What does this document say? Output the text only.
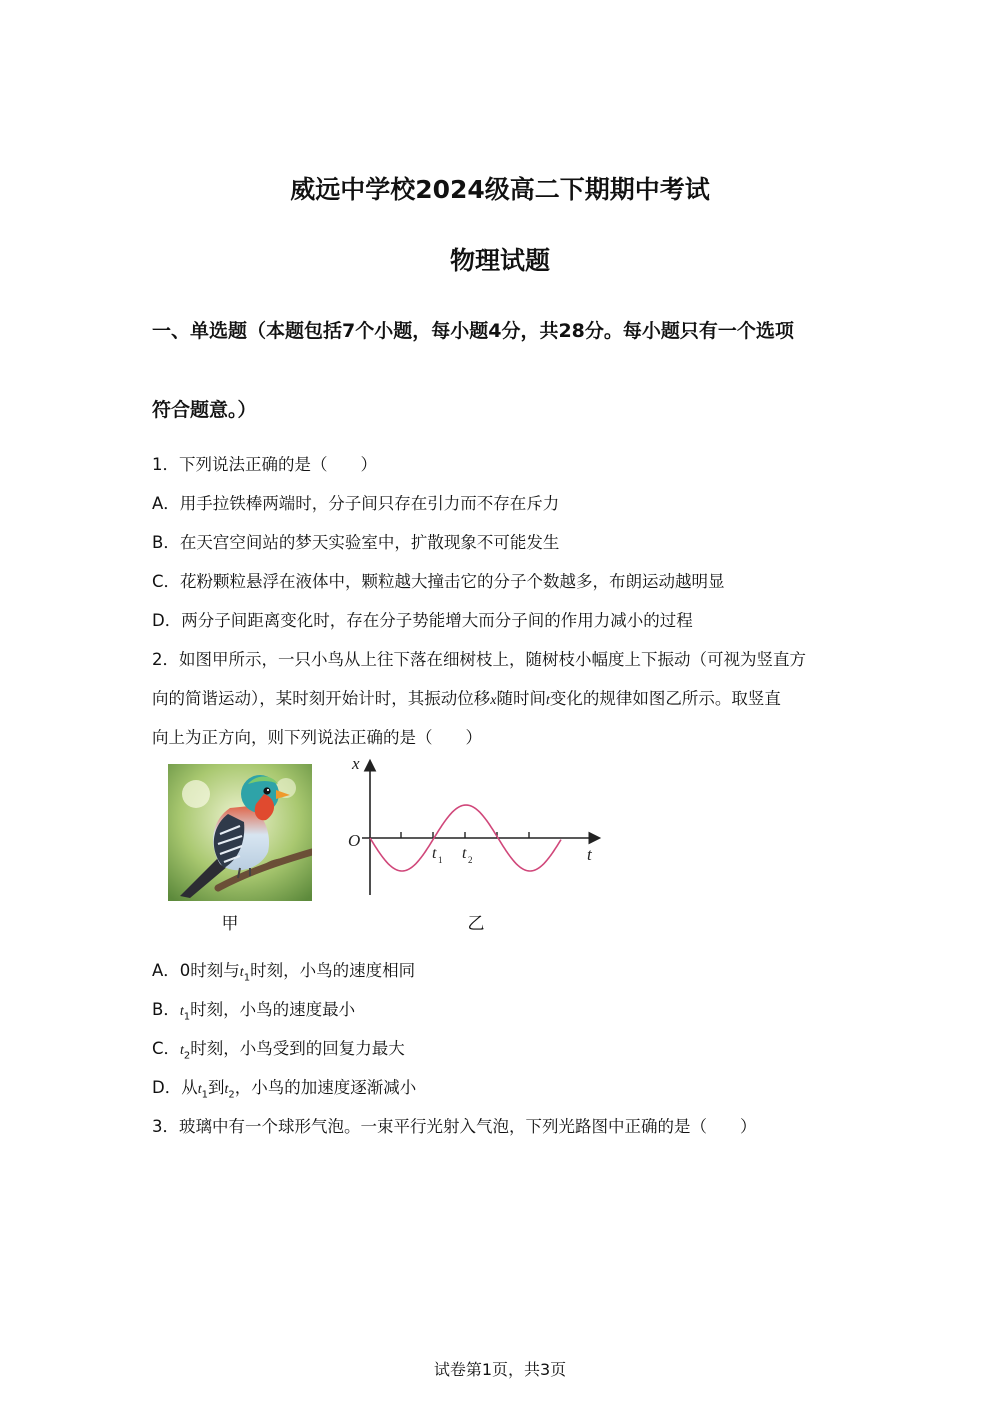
威远中学校2024级高二下期期中考试
物理试题
一、单选题（本题包括7个小题，每小题4分，共28分。每小题只有一个选项
符合题意。）
1．下列说法正确的是（　　）
A．用手拉铁棒两端时，分子间只存在引力而不存在斥力
B．在天宫空间站的梦天实验室中，扩散现象不可能发生
C．花粉颗粒悬浮在液体中，颗粒越大撞击它的分子个数越多，布朗运动越明显
D．两分子间距离变化时，存在分子势能增大而分子间的作用力减小的过程
2．如图甲所示，一只小鸟从上往下落在细树枝上，随树枝小幅度上下振动（可视为竖直方
向的简谐运动），某时刻开始计时，其振动位移x随时间t变化的规律如图乙所示。取竖直
向上为正方向，则下列说法正确的是（　　）
甲
x
t
O
t 1 t 2
乙
A．0时刻与$t_1$时刻，小鸟的速度相同
B．$t_1$时刻，小鸟的速度最小
C．$t_2$时刻，小鸟受到的回复力最大
D．从$t_1$到$t_2$，小鸟的加速度逐渐减小
3．玻璃中有一个球形气泡。一束平行光射入气泡，下列光路图中正确的是（　　）
试卷第1页，共3页
